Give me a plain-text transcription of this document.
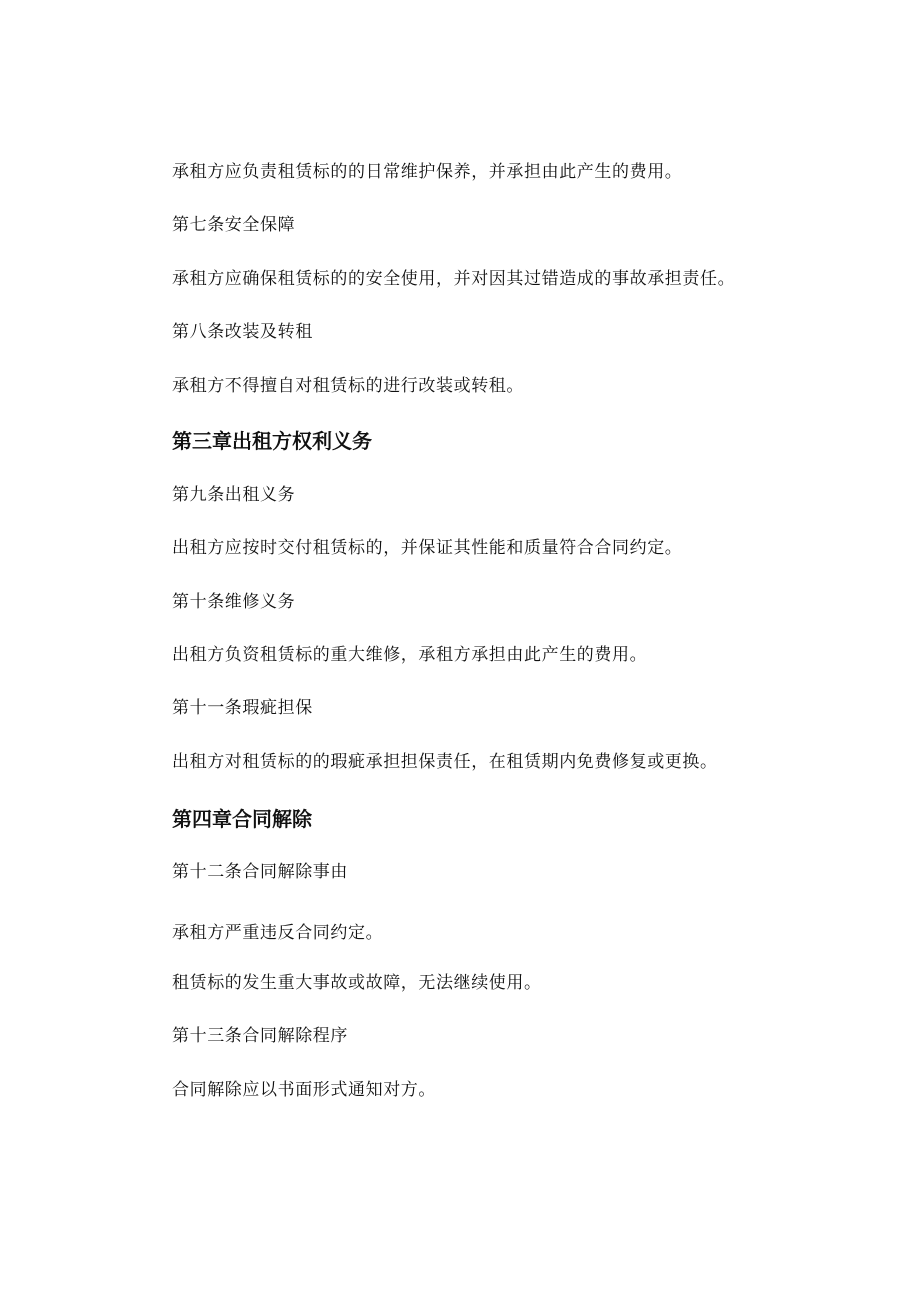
承租方应负责租赁标的的日常维护保养，并承担由此产生的费用。
第七条安全保障
承租方应确保租赁标的的安全使用，并对因其过错造成的事故承担责任。
第八条改装及转租
承租方不得擅自对租赁标的进行改装或转租。
第三章出租方权利义务
第九条出租义务
出租方应按时交付租赁标的，并保证其性能和质量符合合同约定。
第十条维修义务
出租方负资租赁标的重大维修，承租方承担由此产生的费用。
第十一条瑕疵担保
出租方对租赁标的的瑕疵承担担保责任，在租赁期内免费修复或更换。
第四章合同解除
第十二条合同解除事由
承租方严重违反合同约定。
租赁标的发生重大事故或故障，无法继续使用。
第十三条合同解除程序
合同解除应以书面形式通知对方。
